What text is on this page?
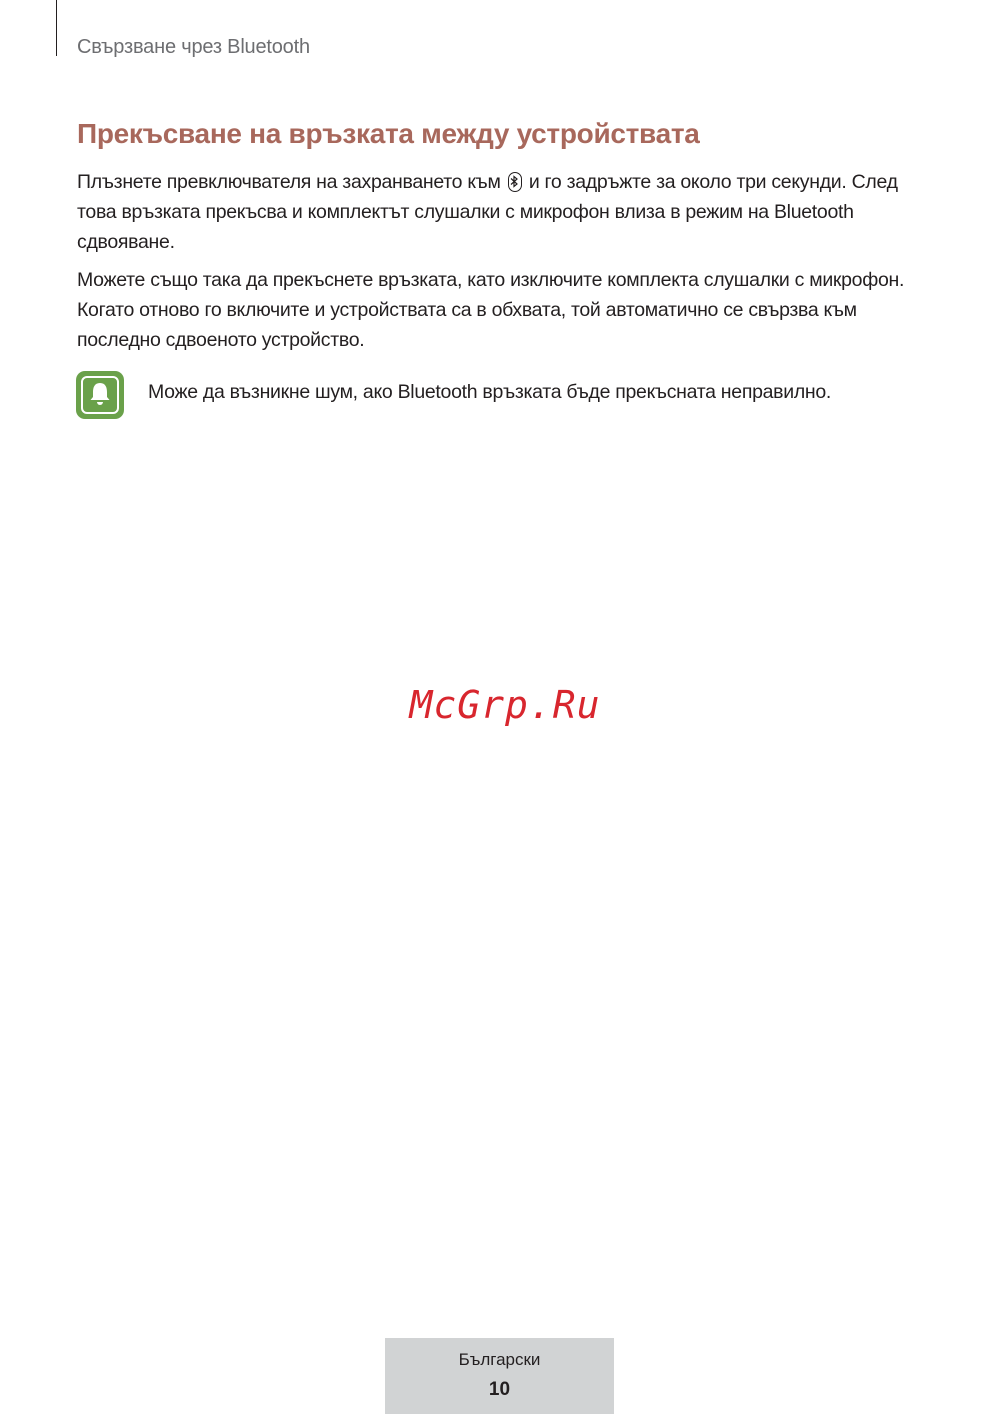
Свързване чрез Bluetooth
Прекъсване на връзката между устройствата

Плъзнете превключвателя на захранването към и го задръжте за около три секунди. След това връзката прекъсва и комплектът слушалки с микрофон влиза в режим на Bluetooth сдвояване.

Можете също така да прекъснете връзката, като изключите комплекта слушалки с микрофон. Когато отново го включите и устройствата са в обхвата, той автоматично се свързва към последно сдвоеното устройство.

Може да възникне шум, ако Bluetooth връзката бъде прекъсната неправилно.
McGrp.Ru
Български
10
